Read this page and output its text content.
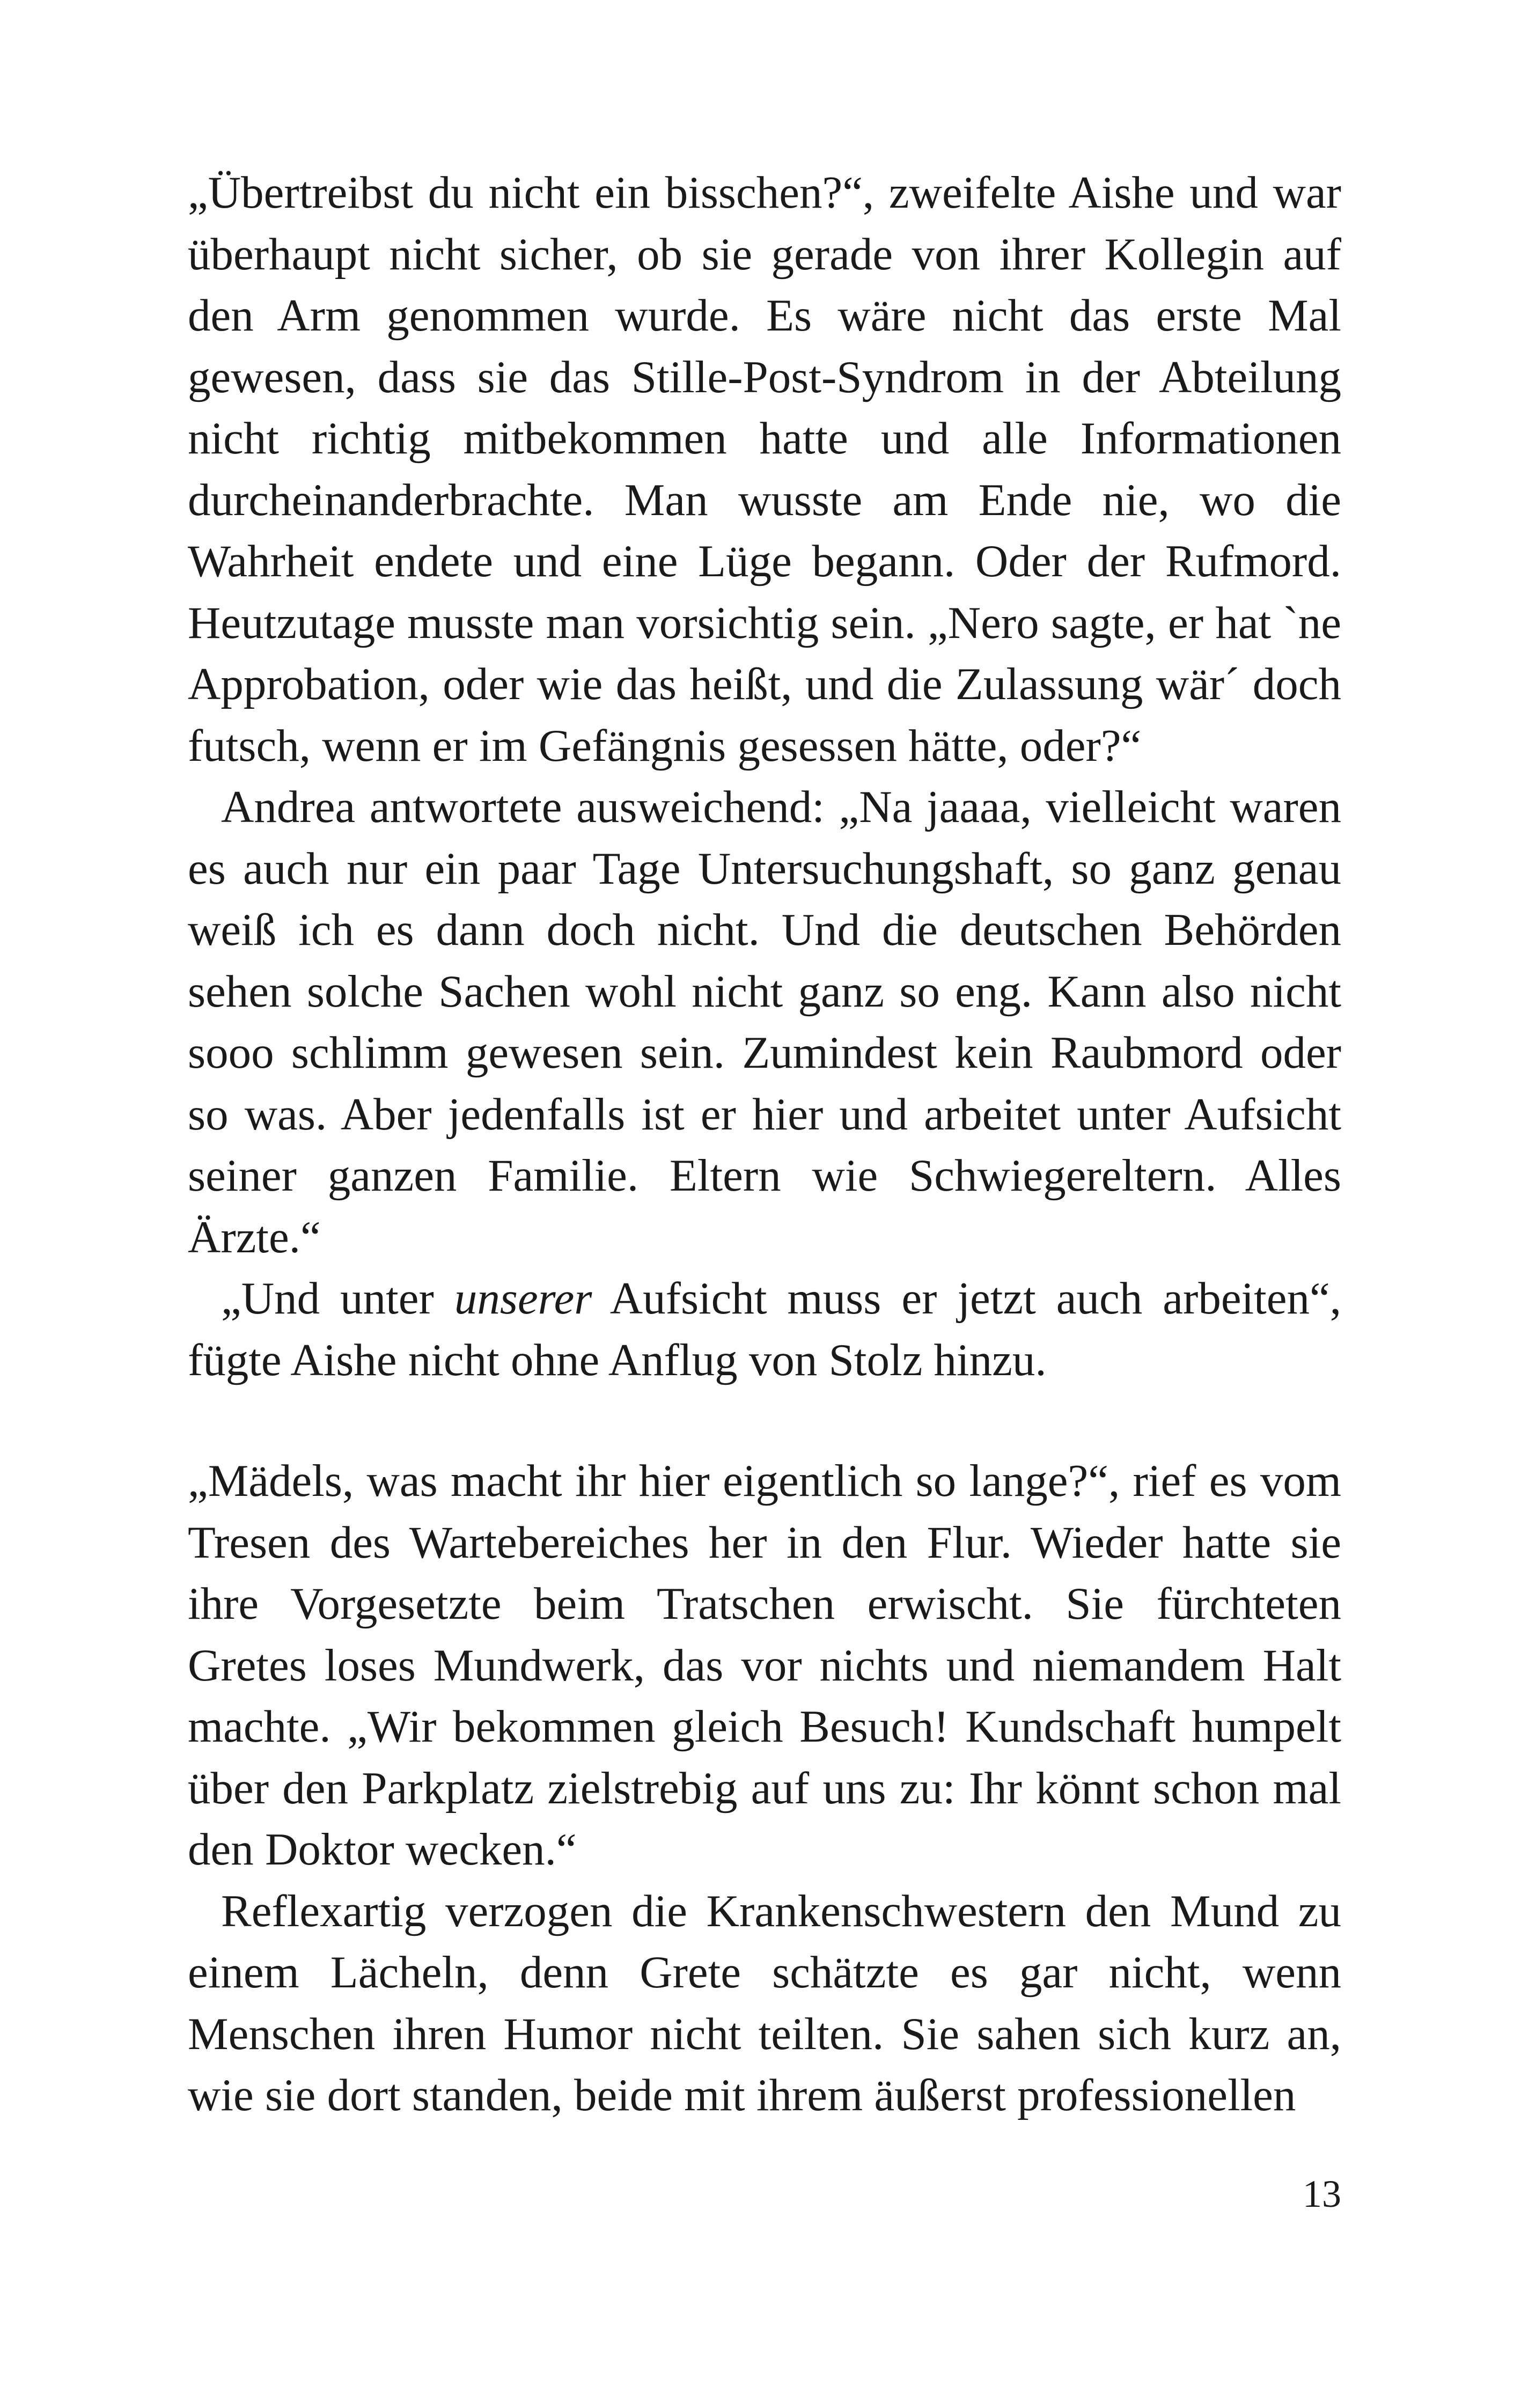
„Übertreibst du nicht ein bisschen?“, zweifelte Aishe und war überhaupt nicht sicher, ob sie gerade von ihrer Kollegin auf den Arm genommen wurde. Es wäre nicht das erste Mal gewesen, dass sie das Stille-Post-Syndrom in der Abteilung nicht richtig mitbekommen hatte und alle Informationen durcheinanderbrachte. Man wusste am Ende nie, wo die Wahrheit endete und eine Lüge begann. Oder der Rufmord. Heutzutage musste man vorsichtig sein. „Nero sagte, er hat `ne Approbation, oder wie das heißt, und die Zulassung wär´ doch futsch, wenn er im Gefängnis gesessen hätte, oder?“

Andrea antwortete ausweichend: „Na jaaaa, vielleicht waren es auch nur ein paar Tage Untersuchungshaft, so ganz genau weiß ich es dann doch nicht. Und die deutschen Behörden sehen solche Sachen wohl nicht ganz so eng. Kann also nicht sooo schlimm gewesen sein. Zumindest kein Raubmord oder so was. Aber jedenfalls ist er hier und arbeitet unter Aufsicht seiner ganzen Familie. Eltern wie Schwiegereltern. Alles Ärzte.“

„Und unter unserer Aufsicht muss er jetzt auch arbeiten“, fügte Aishe nicht ohne Anflug von Stolz hinzu.

„Mädels, was macht ihr hier eigentlich so lange?“, rief es vom Tresen des Wartebereiches her in den Flur. Wieder hatte sie ihre Vorgesetzte beim Tratschen erwischt. Sie fürchteten Gretes loses Mundwerk, das vor nichts und niemandem Halt machte. „Wir bekommen gleich Besuch! Kundschaft humpelt über den Parkplatz zielstrebig auf uns zu: Ihr könnt schon mal den Doktor wecken.“

Reflexartig verzogen die Krankenschwestern den Mund zu einem Lächeln, denn Grete schätzte es gar nicht, wenn Menschen ihren Humor nicht teilten. Sie sahen sich kurz an, wie sie dort standen, beide mit ihrem äußerst professionellen

13
